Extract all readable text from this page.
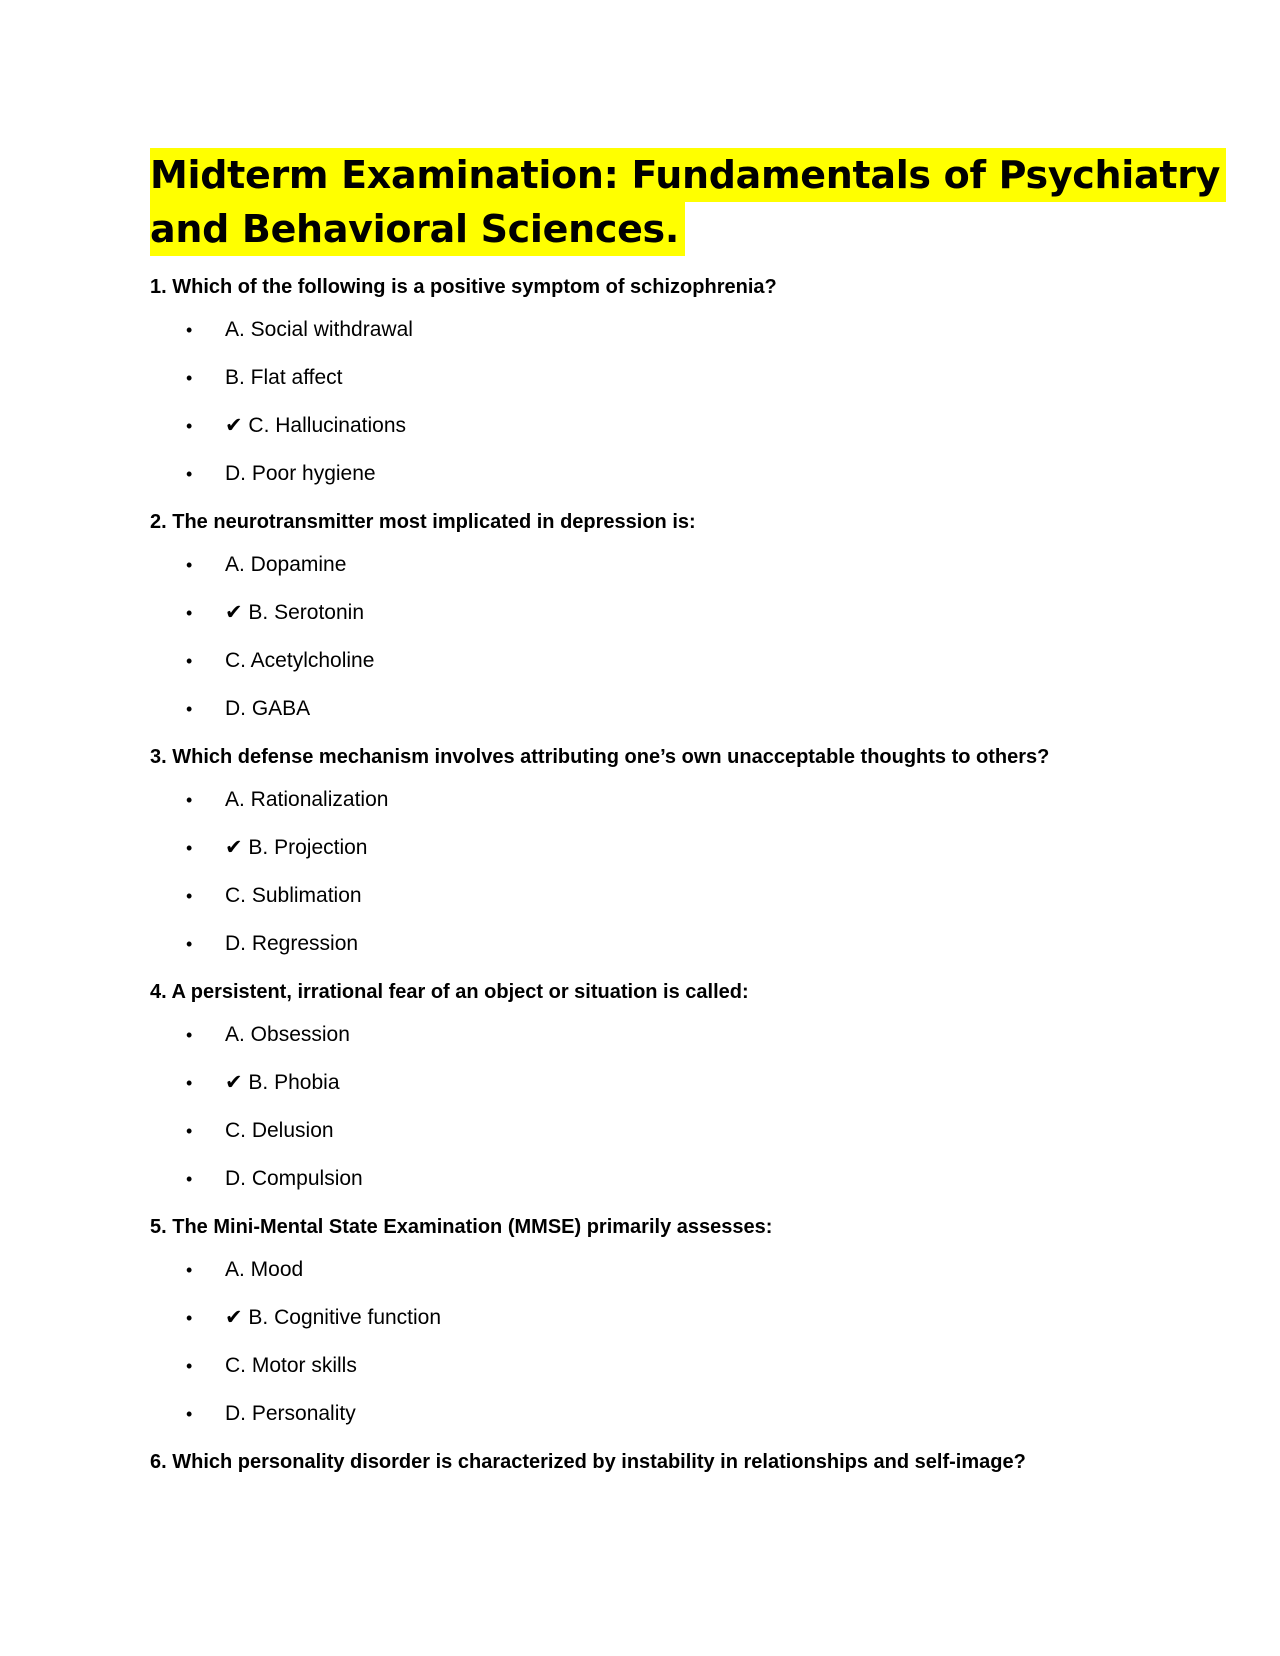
Midterm Examination: Fundamentals of Psychiatry
and Behavioral Sciences.
1. Which of the following is a positive symptom of schizophrenia?
• A. Social withdrawal
• B. Flat affect
• ✔ C. Hallucinations
• D. Poor hygiene
2. The neurotransmitter most implicated in depression is:
• A. Dopamine
• ✔ B. Serotonin
• C. Acetylcholine
• D. GABA
3. Which defense mechanism involves attributing one’s own unacceptable thoughts to others?
• A. Rationalization
• ✔ B. Projection
• C. Sublimation
• D. Regression
4. A persistent, irrational fear of an object or situation is called:
• A. Obsession
• ✔ B. Phobia
• C. Delusion
• D. Compulsion
5. The Mini-Mental State Examination (MMSE) primarily assesses:
• A. Mood
• ✔ B. Cognitive function
• C. Motor skills
• D. Personality
6. Which personality disorder is characterized by instability in relationships and self-image?
